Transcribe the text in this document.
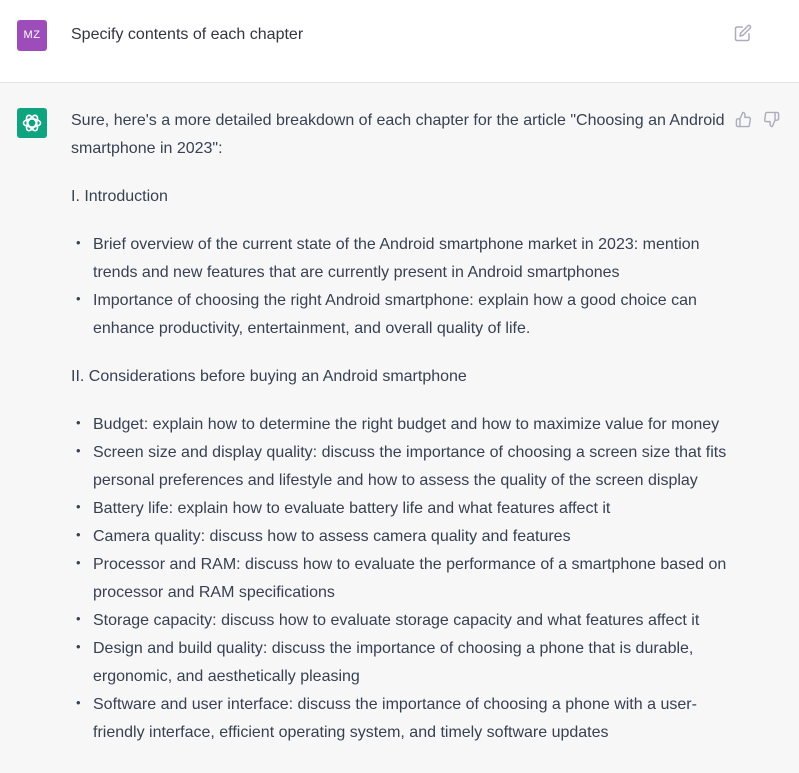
MZ	Specify contents of each chapter

Sure, here's a more detailed breakdown of each chapter for the article "Choosing an Android smartphone in 2023":

I. Introduction

• Brief overview of the current state of the Android smartphone market in 2023: mention trends and new features that are currently present in Android smartphones
• Importance of choosing the right Android smartphone: explain how a good choice can enhance productivity, entertainment, and overall quality of life.

II. Considerations before buying an Android smartphone

• Budget: explain how to determine the right budget and how to maximize value for money
• Screen size and display quality: discuss the importance of choosing a screen size that fits personal preferences and lifestyle and how to assess the quality of the screen display
• Battery life: explain how to evaluate battery life and what features affect it
• Camera quality: discuss how to assess camera quality and features
• Processor and RAM: discuss how to evaluate the performance of a smartphone based on processor and RAM specifications
• Storage capacity: discuss how to evaluate storage capacity and what features affect it
• Design and build quality: discuss the importance of choosing a phone that is durable, ergonomic, and aesthetically pleasing
• Software and user interface: discuss the importance of choosing a phone with a user-friendly interface, efficient operating system, and timely software updates
